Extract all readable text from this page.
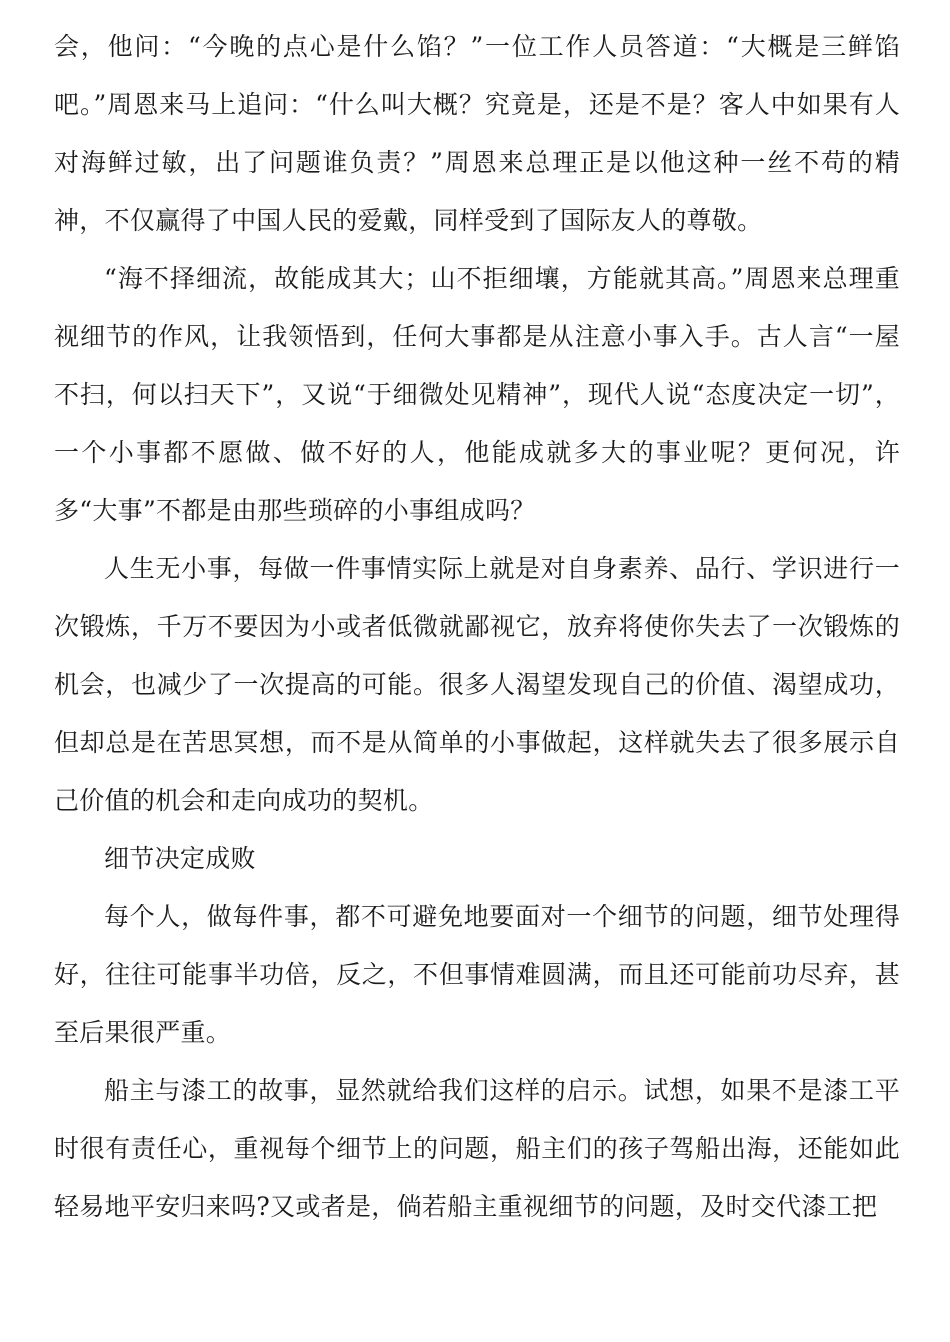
会，他问：“今晚的点心是什么馅？”一位工作人员答道：“大概是三鲜馅吧。”周恩来马上追问：“什么叫大概？究竟是，还是不是？客人中如果有人对海鲜过敏，出了问题谁负责？”周恩来总理正是以他这种一丝不苟的精神，不仅赢得了中国人民的爱戴，同样受到了国际友人的尊敬。

“海不择细流，故能成其大；山不拒细壤，方能就其高。”周恩来总理重视细节的作风，让我领悟到，任何大事都是从注意小事入手。古人言“一屋不扫，何以扫天下”，又说“于细微处见精神”，现代人说“态度决定一切”，一个小事都不愿做、做不好的人，他能成就多大的事业呢？更何况，许多“大事”不都是由那些琐碎的小事组成吗？

人生无小事，每做一件事情实际上就是对自身素养、品行、学识进行一次锻炼，千万不要因为小或者低微就鄙视它，放弃将使你失去了一次锻炼的机会，也减少了一次提高的可能。很多人渴望发现自己的价值、渴望成功，但却总是在苦思冥想，而不是从简单的小事做起，这样就失去了很多展示自己价值的机会和走向成功的契机。

细节决定成败

每个人，做每件事，都不可避免地要面对一个细节的问题，细节处理得好，往往可能事半功倍，反之，不但事情难圆满，而且还可能前功尽弃，甚至后果很严重。

船主与漆工的故事，显然就给我们这样的启示。试想，如果不是漆工平时很有责任心，重视每个细节上的问题，船主们的孩子驾船出海，还能如此轻易地平安归来吗?又或者是，倘若船主重视细节的问题，及时交代漆工把
